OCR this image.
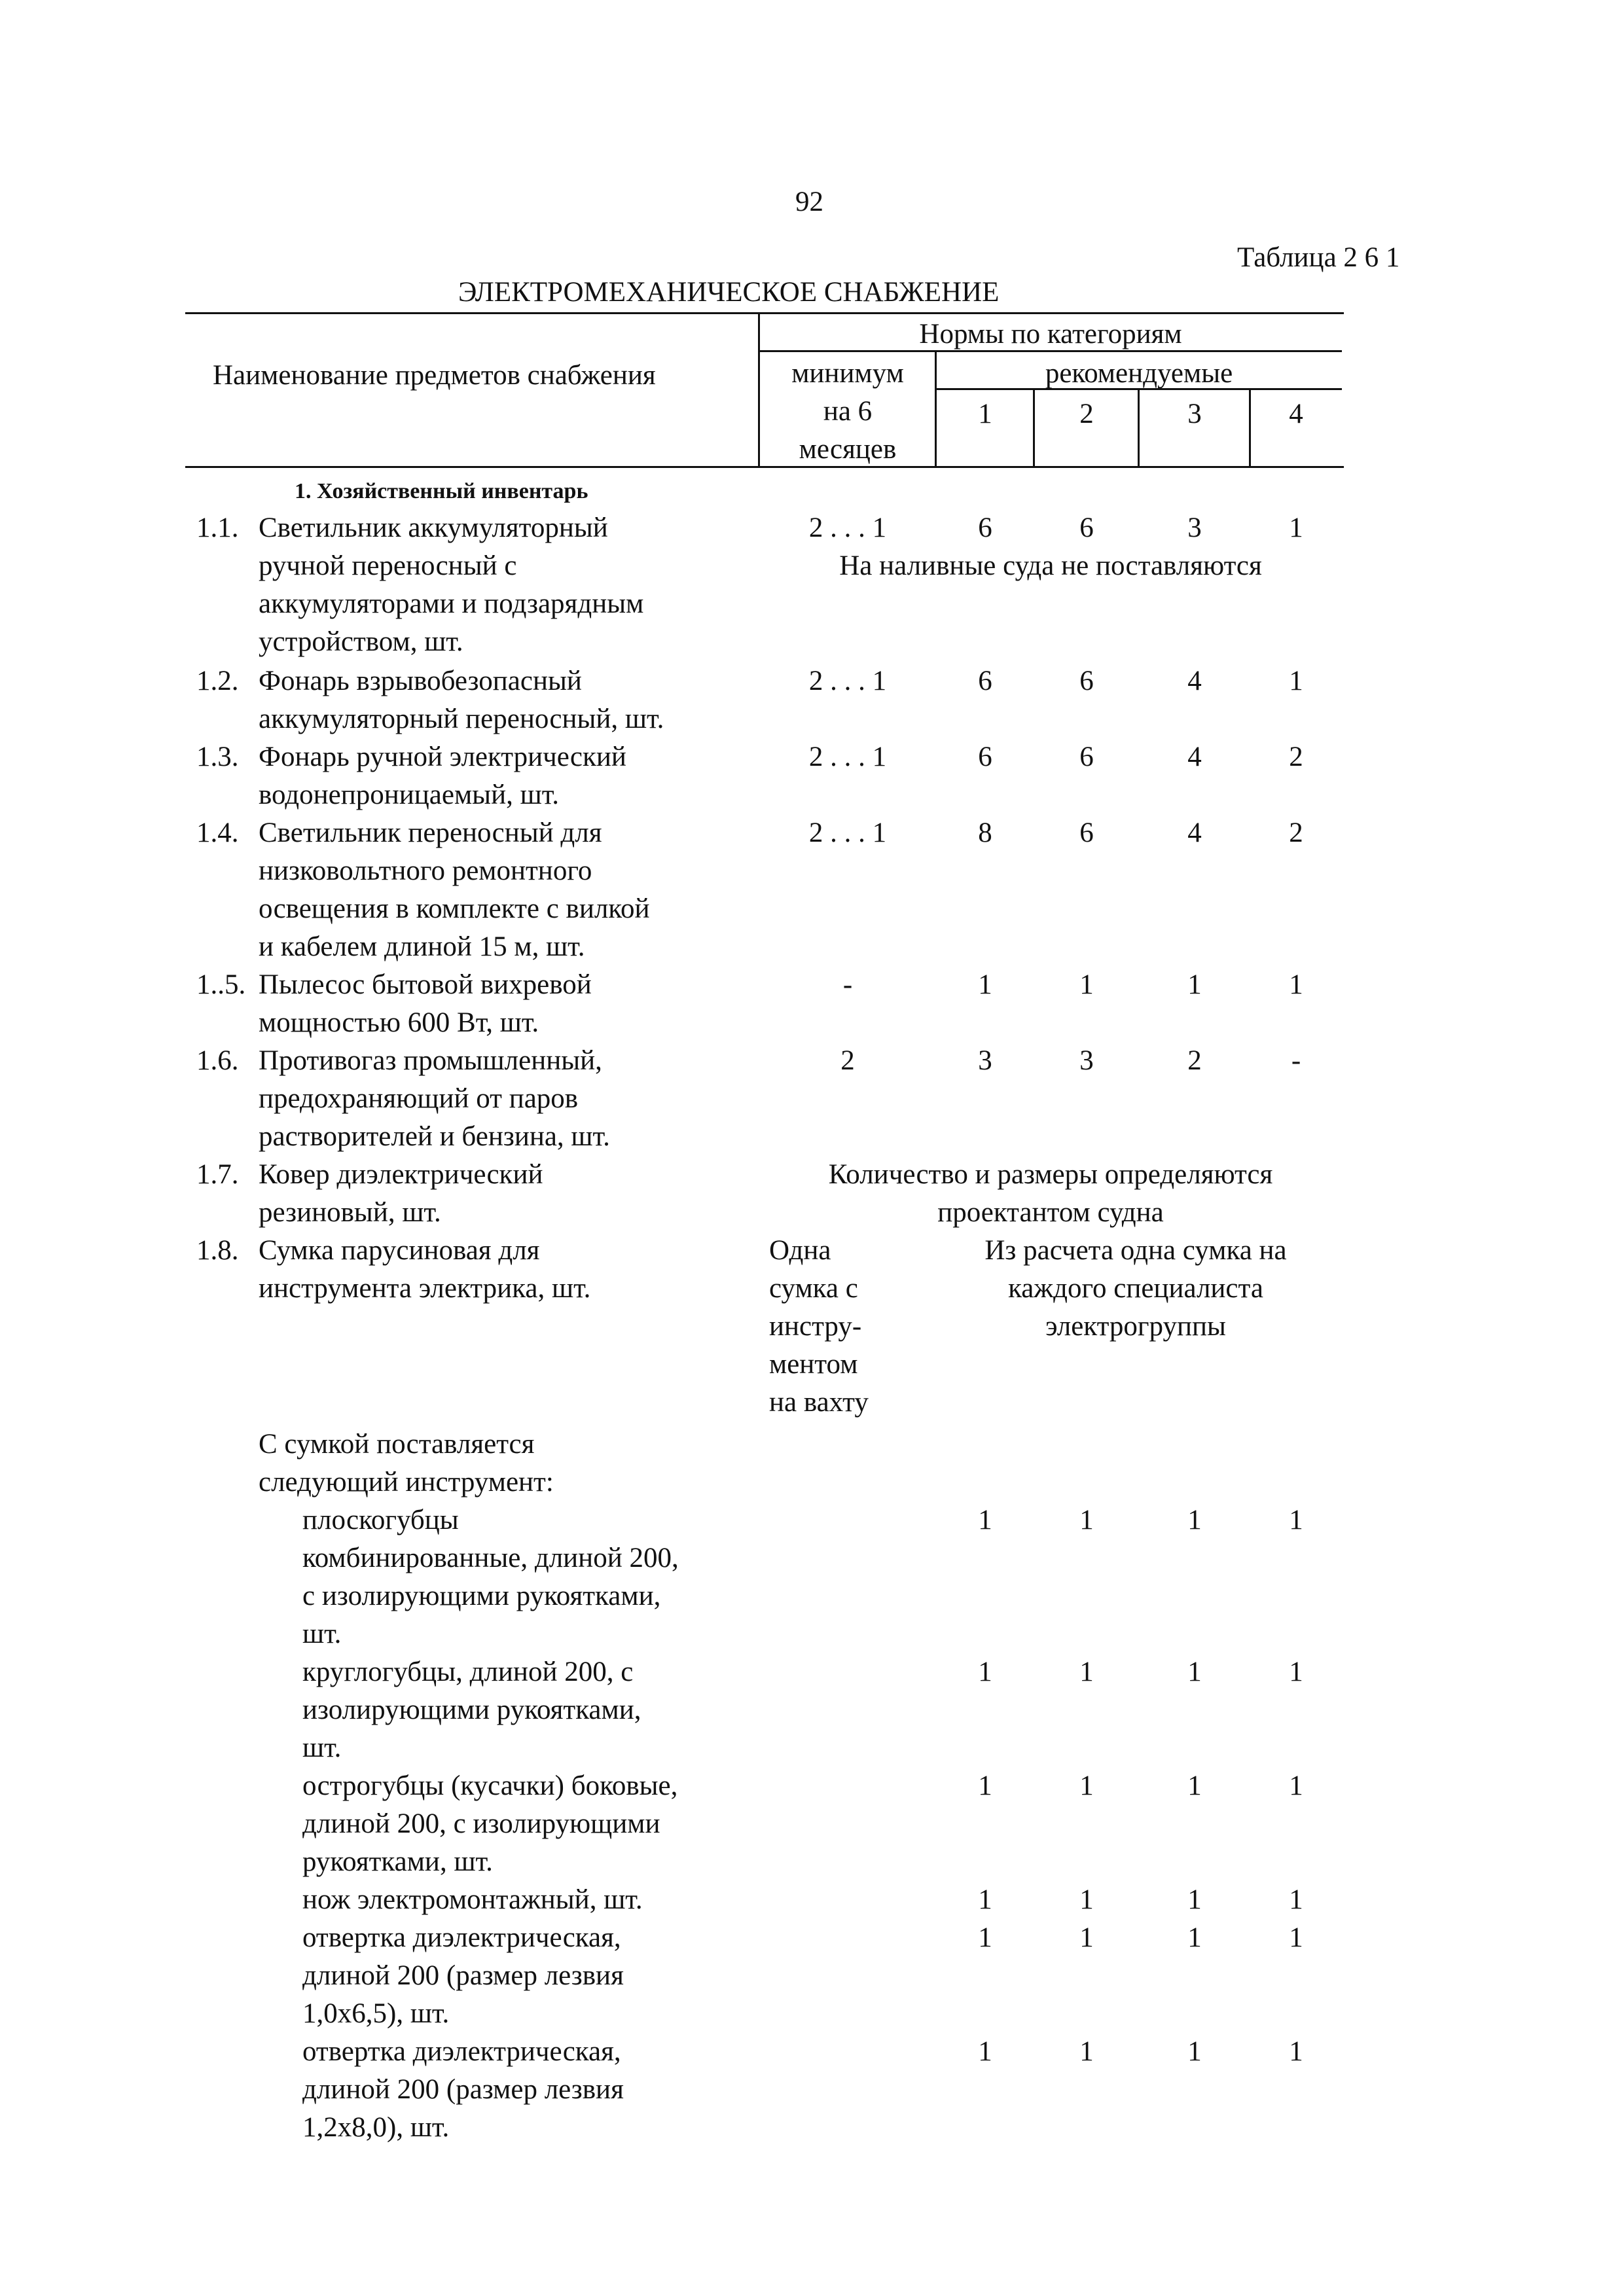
92
Таблица 2 6 1
ЭЛЕКТРОМЕХАНИЧЕСКОЕ СНАБЖЕНИЕ
Наименование предметов снабжения
Нормы по категориям
минимум
на 6
месяцев
рекомендуемые
1	2	3	4
1. Хозяйственный инвентарь
1.1. Светильник аккумуляторный
ручной переносный с
аккумуляторами и подзарядным
устройством, шт.
2 . . . 1	6	6	3	1
На наливные суда не поставляются
1.2. Фонарь взрывобезопасный
аккумуляторный переносный, шт.
2 . . . 1	6	6	4	1
1.3. Фонарь ручной электрический
водонепроницаемый, шт.
2 . . . 1	6	6	4	2
1.4. Светильник переносный для
низковольтного ремонтного
освещения в комплекте с вилкой
и кабелем длиной 15 м, шт.
2 . . . 1	8	6	4	2
1..5. Пылесос бытовой вихревой
мощностью 600 Вт, шт.
-	1	1	1	1
1.6. Противогаз промышленный,
предохраняющий от паров
растворителей и бензина, шт.
2	3	3	2	-
1.7. Ковер диэлектрический
резиновый, шт.
Количество и размеры определяются
проектантом судна
1.8. Сумка парусиновая для
инструмента электрика, шт.
Одна
сумка с
инстру-
ментом
на вахту
Из расчета одна сумка на
каждого специалиста
электрогруппы
С сумкой поставляется
следующий инструмент:
плоскогубцы
комбинированные, длиной 200,
с изолирующими рукоятками,
шт.
1	1	1	1
круглогубцы, длиной 200, с
изолирующими рукоятками,
шт.
1	1	1	1
острогубцы (кусачки) боковые,
длиной 200, с изолирующими
рукоятками, шт.
1	1	1	1
нож электромонтажный, шт.	1	1	1	1
отвертка диэлектрическая,
длиной 200 (размер лезвия
1,0х6,5), шт.
1	1	1	1
отвертка диэлектрическая,
длиной 200 (размер лезвия
1,2х8,0), шт.
1	1	1	1
